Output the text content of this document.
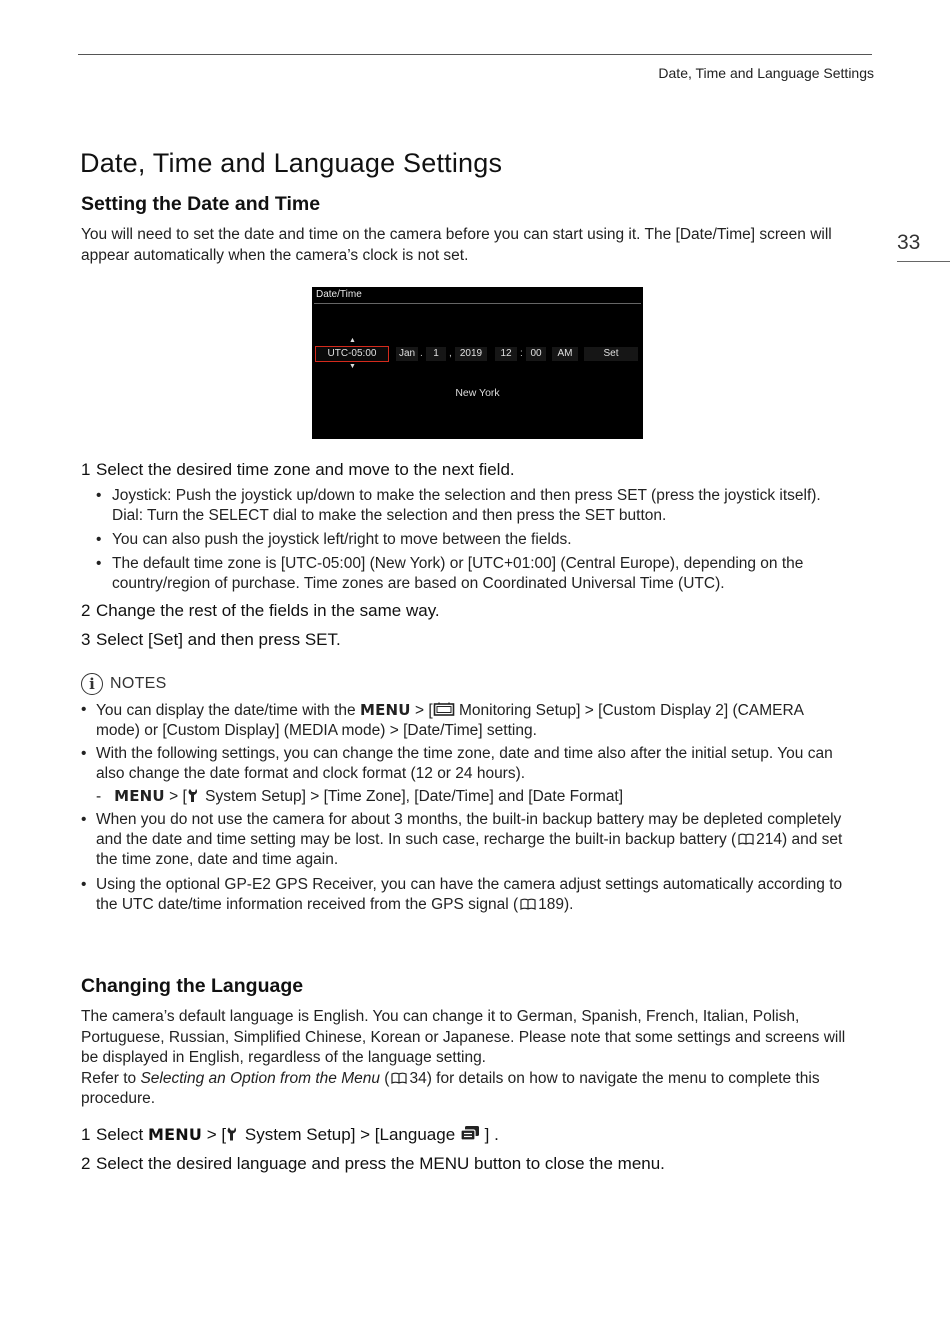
Date, Time and Language Settings
33
Date, Time and Language Settings
Setting the Date and Time

You will need to set the date and time on the camera before you can start using it. The [Date/Time] screen will
appear automatically when the camera’s clock is not set.

Date/Time
▲
UTC-05:00
▼
Jan .	1	, 2019	12 : 00	AM	Set
New York
1 Select the desired time zone and move to the next field.
• Joystick: Push the joystick up/down to make the selection and then press SET (press the joystick itself).
Dial: Turn the SELECT dial to make the selection and then press the SET button.
• You can also push the joystick left/right to move between the fields.
• The default time zone is [UTC-05:00] (New York) or [UTC+01:00] (Central Europe), depending on the
country/region of purchase. Time zones are based on Coordinated Universal Time (UTC).
2 Change the rest of the fields in the same way.
3 Select [Set] and then press SET.
i NOTES
• You can display the date/time with the MENU > [ Monitoring Setup] > [Custom Display 2] (CAMERA
mode) or [Custom Display] (MEDIA mode) > [Date/Time] setting.
• With the following settings, you can change the time zone, date and time also after the initial setup. You can
also change the date format and clock format (12 or 24 hours).
- MENU > [ System Setup] > [Time Zone], [Date/Time] and [Date Format]
• When you do not use the camera for about 3 months, the built-in backup battery may be depleted completely
and the date and time setting may be lost. In such case, recharge the built-in backup battery ( 214) and set
the time zone, date and time again.
• Using the optional GP-E2 GPS Receiver, you can have the camera adjust settings automatically according to
the UTC date/time information received from the GPS signal ( 189).
Changing the Language

The camera’s default language is English. You can change it to German, Spanish, French, Italian, Polish,
Portuguese, Russian, Simplified Chinese, Korean or Japanese. Please note that some settings and screens will
be displayed in English, regardless of the language setting.
Refer to Selecting an Option from the Menu ( 34) for details on how to navigate the menu to complete this
procedure.

1 Select MENU > [ System Setup] > [Language ] .
2 Select the desired language and press the MENU button to close the menu.
